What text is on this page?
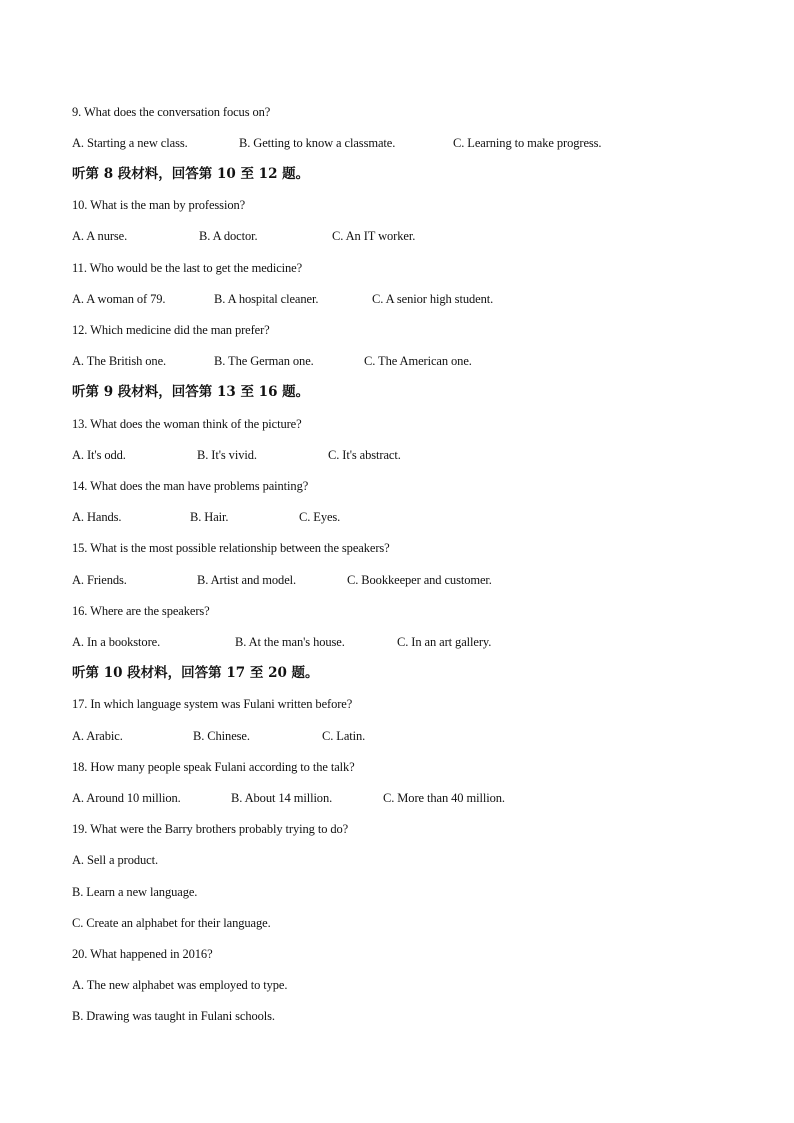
9. What does the conversation focus on?
A. Starting a new class.	B. Getting to know a classmate.	C. Learning to make progress.
听第 8 段材料，回答第 10 至 12 题。
10. What is the man by profession?
A. A nurse.	B. A doctor.	C. An IT worker.
11. Who would be the last to get the medicine?
A. A woman of 79.	B. A hospital cleaner.	C. A senior high student.
12. Which medicine did the man prefer?
A. The British one.	B. The German one.	C. The American one.
听第 9 段材料，回答第 13 至 16 题。
13. What does the woman think of the picture?
A. It's odd.	B. It's vivid.	C. It's abstract.
14. What does the man have problems painting?
A. Hands.	B. Hair.	C. Eyes.
15. What is the most possible relationship between the speakers?
A. Friends.	B. Artist and model.	C. Bookkeeper and customer.
16. Where are the speakers?
A. In a bookstore.	B. At the man's house.	C. In an art gallery.
听第 10 段材料，回答第 17 至 20 题。
17. In which language system was Fulani written before?
A. Arabic.	B. Chinese.	C. Latin.
18. How many people speak Fulani according to the talk?
A. Around 10 million.	B. About 14 million.	C. More than 40 million.
19. What were the Barry brothers probably trying to do?
A. Sell a product.
B. Learn a new language.
C. Create an alphabet for their language.
20. What happened in 2016?
A. The new alphabet was employed to type.
B. Drawing was taught in Fulani schools.
